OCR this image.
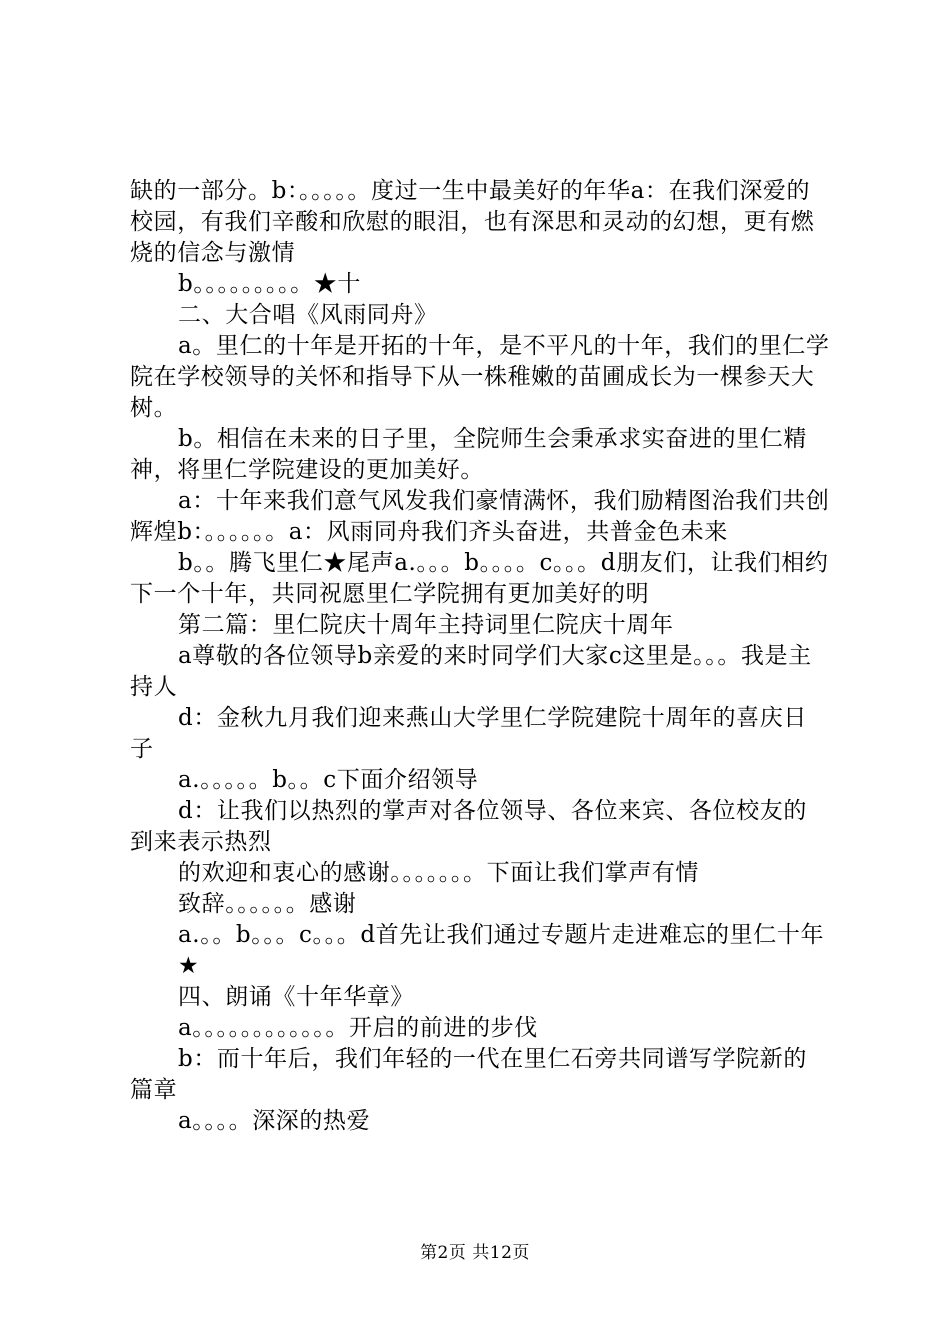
缺的一部分。b：。。。。。度过一生中最美好的年华a：在我们深爱的校园，有我们辛酸和欣慰的眼泪，也有深思和灵动的幻想，更有燃烧的信念与激情

b。。。。。。。。。★十

二、大合唱《风雨同舟》

a。里仁的十年是开拓的十年，是不平凡的十年，我们的里仁学院在学校领导的关怀和指导下从一株稚嫩的苗圃成长为一棵参天大树。

b。相信在未来的日子里，全院师生会秉承求实奋进的里仁精神，将里仁学院建设的更加美好。

a：十年来我们意气风发我们豪情满怀，我们励精图治我们共创辉煌b：。。。。。。a：风雨同舟我们齐头奋进，共普金色未来

b。。腾飞里仁★尾声a.。。。b。。。。c。。。d朋友们，让我们相约下一个十年，共同祝愿里仁学院拥有更加美好的明

第二篇：里仁院庆十周年主持词里仁院庆十周年

a尊敬的各位领导b亲爱的来时同学们大家c这里是。。。我是主持人

d：金秋九月我们迎来燕山大学里仁学院建院十周年的喜庆日子

a.。。。。。b。。c下面介绍领导

d：让我们以热烈的掌声对各位领导、各位来宾、各位校友的到来表示热烈

的欢迎和衷心的感谢。。。。。。。下面让我们掌声有情

致辞。。。。。。感谢

a.。。b。。。c。。。d首先让我们通过专题片走进难忘的里仁十年

★

四、朗诵《十年华章》

a。。。。。。。。。。。。开启的前进的步伐

b：而十年后，我们年轻的一代在里仁石旁共同谱写学院新的篇章

a。。。。深深的热爱

第2页 共12页
